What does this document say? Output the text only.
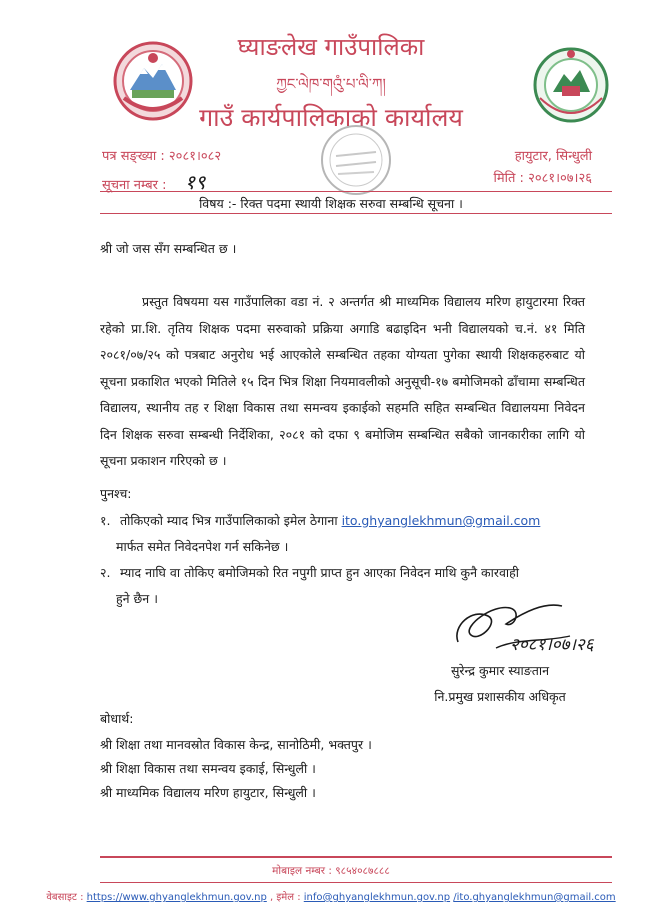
घ्याङलेख गाउँपालिका
ཀྱང་ལེཁ་གའུཾ་པ་ལི་ཀ།
गाउँ कार्यपालिकाको कार्यालय
पत्र सङ्ख्या : २०८१।०८२
सूचना नम्बर : १९
हायुटार, सिन्धुली
मिति : २०८१।०७।२६
विषय :- रिक्त पदमा स्थायी शिक्षक सरुवा सम्बन्धि सूचना ।
श्री जो जस सँग सम्बन्धित छ ।

प्रस्तुत विषयमा यस गाउँपालिका वडा नं. २ अन्तर्गत श्री माध्यमिक विद्यालय मरिण हायुटारमा रिक्त रहेको प्रा.शि. तृतिय शिक्षक पदमा सरुवाको प्रक्रिया अगाडि बढाइदिन भनी विद्यालयको च.नं. ४१ मिति २०८१/०७/२५ को पत्रबाट अनुरोध भई आएकोले सम्बन्धित तहका योग्यता पुगेका स्थायी शिक्षकहरुबाट यो सूचना प्रकाशित भएको मितिले १५ दिन भित्र शिक्षा नियमावलीको अनुसूची-१७ बमोजिमको ढाँचामा सम्बन्धित विद्यालय, स्थानीय तह र शिक्षा विकास तथा समन्वय इकाईको सहमति सहित सम्बन्धित विद्यालयमा निवेदन दिन शिक्षक सरुवा सम्बन्धी निर्देशिका, २०८१ को दफा ९ बमोजिम सम्बन्धित सबैको जानकारीका लागि यो सूचना प्रकाशन गरिएको छ ।

पुनश्च:
१. तोकिएको म्याद भित्र गाउँपालिकाको इमेल ठेगाना ito.ghyanglekhmun@gmail.com
मार्फत समेत निवेदनपेश गर्न सकिनेछ ।
२. म्याद नाघि वा तोकिए बमोजिमको रित नपुगी प्राप्त हुन आएका निवेदन माथि कुनै कारवाही
हुने छैन ।
२०८१।०७।२६
सुरेन्द्र कुमार स्याङतान
नि.प्रमुख प्रशासकीय अधिकृत
बोधार्थ:
श्री शिक्षा तथा मानवस्रोत विकास केन्द्र, सानोठिमी, भक्तपुर ।
श्री शिक्षा विकास तथा समन्वय इकाई, सिन्धुली ।
श्री माध्यमिक विद्यालय मरिण हायुटार, सिन्धुली ।
मोबाइल नम्बर : ९८५४०८७८८८
वेबसाइट : https://www.ghyanglekhmun.gov.np , इमेल : info@ghyanglekhmun.gov.np /ito.ghyanglekhmun@gmail.com
